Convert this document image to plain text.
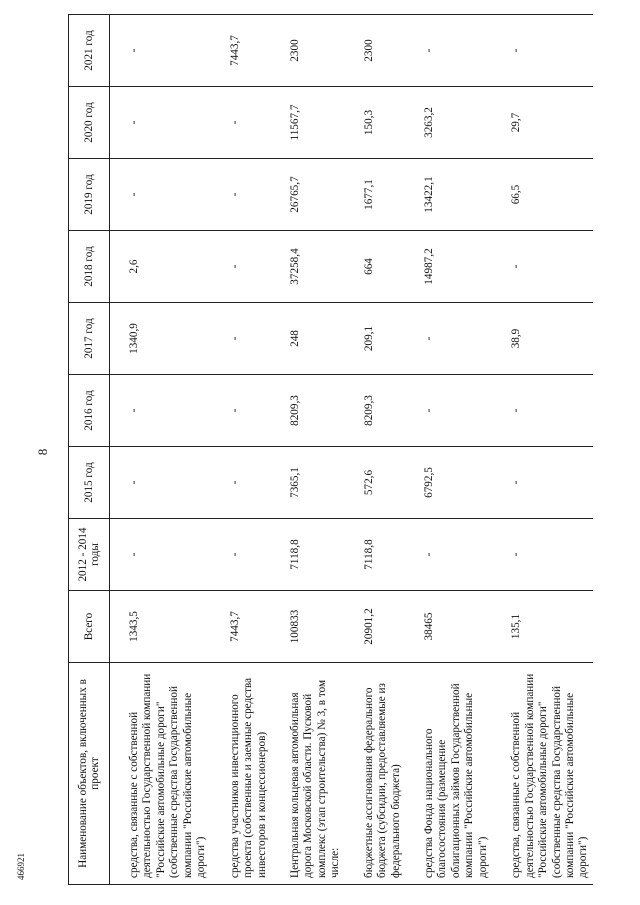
8
Наименование объектов, включенных в проект	Всего	2012 - 2014 годы	2015 год	2016 год	2017 год	2018 год	2019 год	2020 год	2021 год

средства, связанные с собственной деятельностью Государственной компании "Российские автомобильные дороги" (собственные средства Государственной компании "Российские автомобильные дороги")	1343,5	-	-	-	1340,9	2,6	-	-	-

средства участников инвестиционного проекта (собственные и заемные средства инвесторов и концессионеров)	7443,7	-	-	-	-	-	-	-	7443,7

Центральная кольцевая автомобильная дорога Московской области. Пусковой комплекс (этап строительства) № 3, в том числе:	100833	7118,8	7365,1	8209,3	248	37258,4	26765,7	11567,7	2300

бюджетные ассигнования федерального бюджета (субсидии, предоставляемые из федерального бюджета)	20901,2	7118,8	572,6	8209,3	209,1	664	1677,1	150,3	2300

средства Фонда национального благосостояния (размещение облигационных займов Государственной компании "Российские автомобильные дороги")	38465	-	6792,5	-	-	14987,2	13422,1	3263,2	-

средства, связанные с собственной деятельностью Государственной компании "Российские автомобильные дороги" (собственные средства Государственной компании "Российские автомобильные дороги")	135,1	-	-	-	38,9	-	66,5	29,7	-
466921
